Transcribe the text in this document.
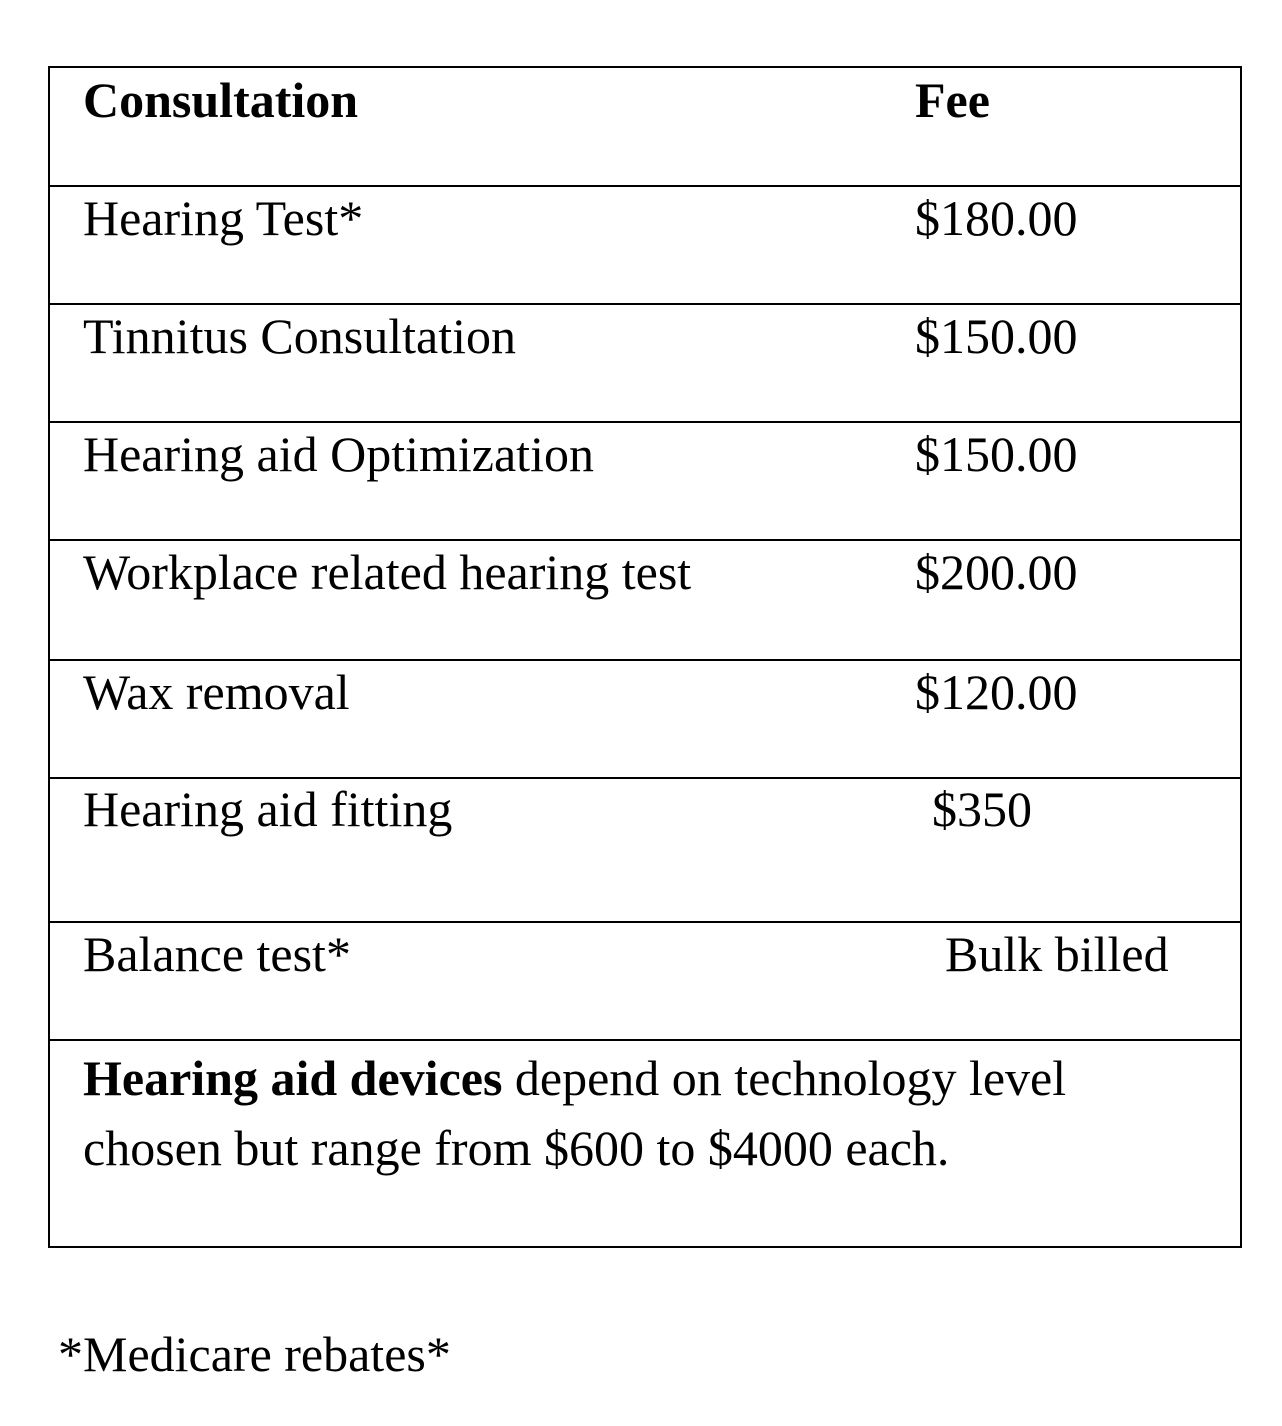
Consultation	Fee
Hearing Test*	$180.00
Tinnitus Consultation	$150.00
Hearing aid Optimization	$150.00
Workplace related hearing test	$200.00
Wax removal	$120.00
Hearing aid fitting	$350
Balance test*	Bulk billed
Hearing aid devices depend on technology level chosen but range from $600 to $4000 each.
*Medicare rebates*
